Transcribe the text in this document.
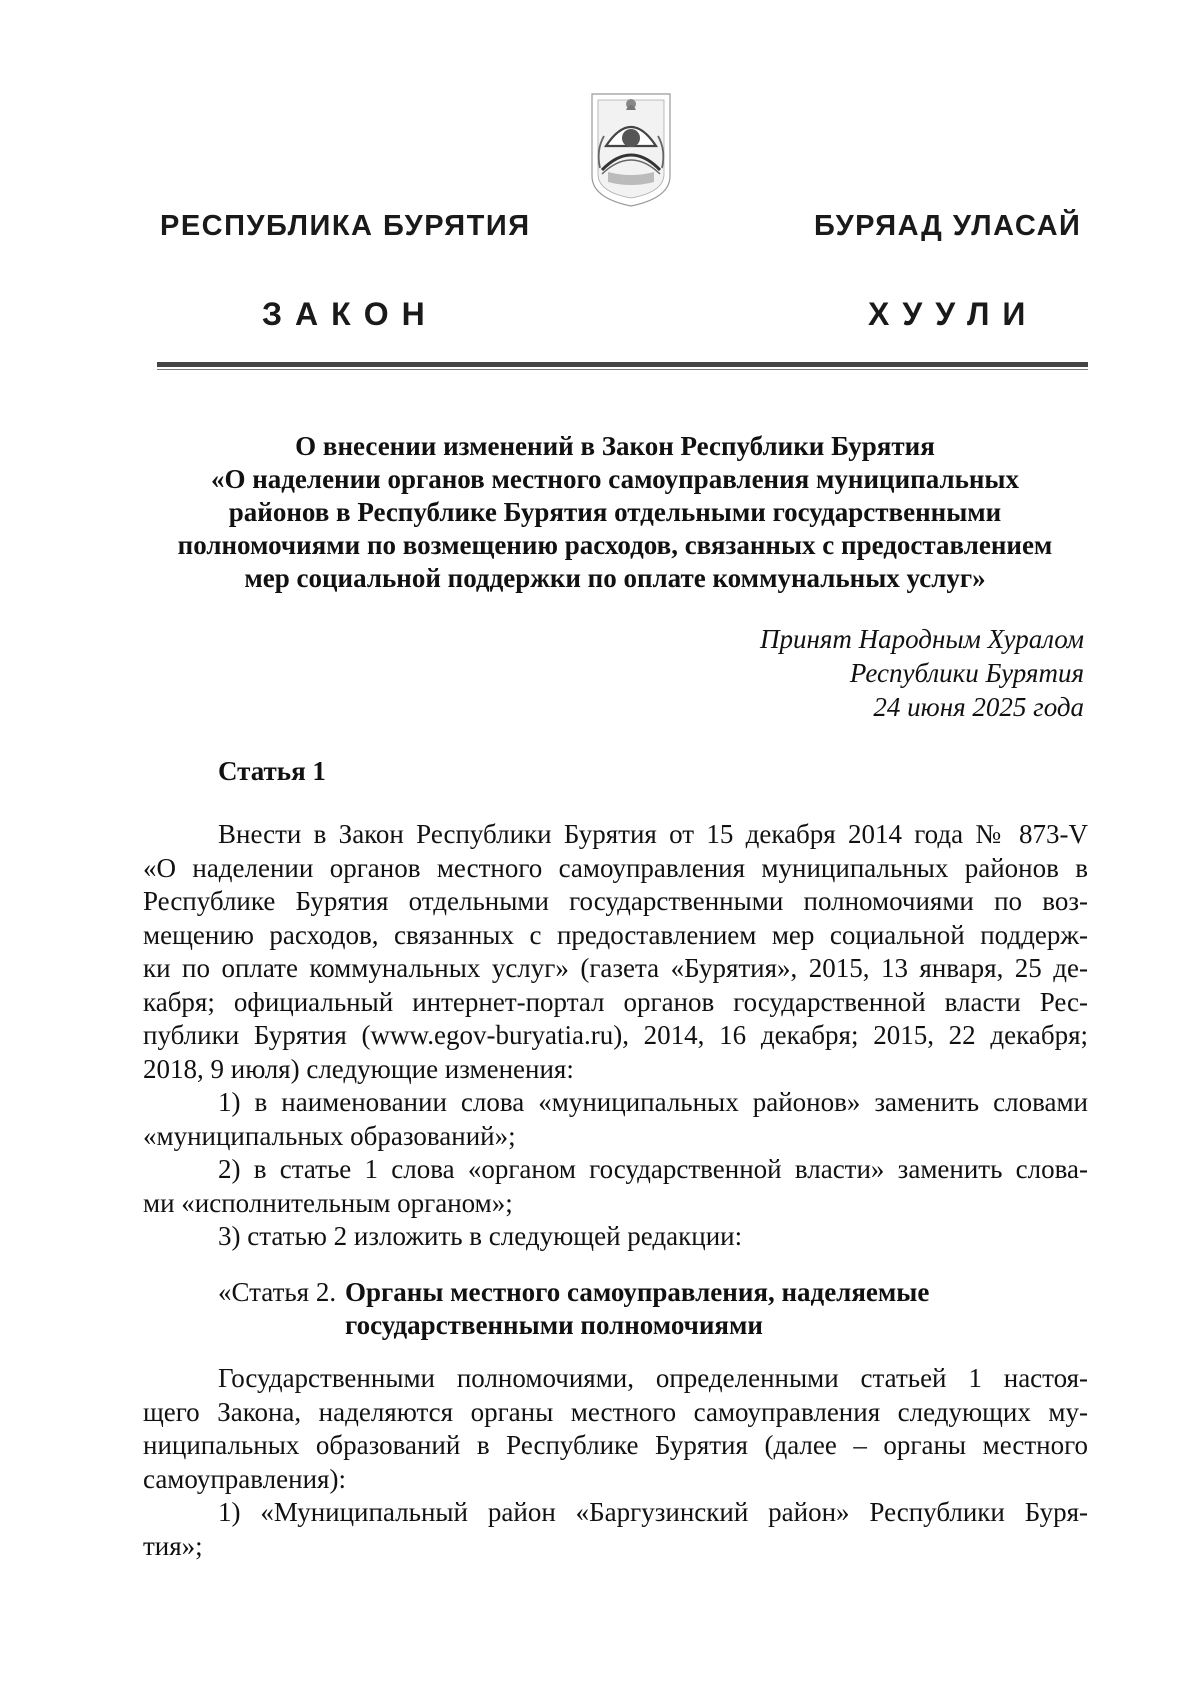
РЕСПУБЛИКА БУРЯТИЯ	БУРЯАД УЛАСАЙ
ЗАКОН	ХУУЛИ
О внесении изменений в Закон Республики Бурятия
«О наделении органов местного самоуправления муниципальных
районов в Республике Бурятия отдельными государственными
полномочиями по возмещению расходов, связанных с предоставлением
мер социальной поддержки по оплате коммунальных услуг»
Принят Народным Хуралом
Республики Бурятия
24 июня 2025 года
Статья 1

Внести в Закон Республики Бурятия от 15 декабря 2014 года № 873-V

«О наделении органов местного самоуправления муниципальных районов в

Республике Бурятия отдельными государственными полномочиями по воз-

мещению расходов, связанных с предоставлением мер социальной поддерж-

ки по оплате коммунальных услуг» (газета «Бурятия», 2015, 13 января, 25 де-

кабря; официальный интернет-портал органов государственной власти Рес-

публики Бурятия (www.egov-buryatia.ru), 2014, 16 декабря; 2015, 22 декабря;

2018, 9 июля) следующие изменения:

1) в наименовании слова «муниципальных районов» заменить словами

«муниципальных образований»;

2) в статье 1 слова «органом государственной власти» заменить слова-

ми «исполнительным органом»;

3) статью 2 изложить в следующей редакции:

«Статья 2. Органы местного самоуправления, наделяемые
государственными полномочиями

Государственными полномочиями, определенными статьей 1 настоя-

щего Закона, наделяются органы местного самоуправления следующих му-

ниципальных образований в Республике Бурятия (далее – органы местного

самоуправления):

1) «Муниципальный район «Баргузинский район» Республики Буря-

тия»;
